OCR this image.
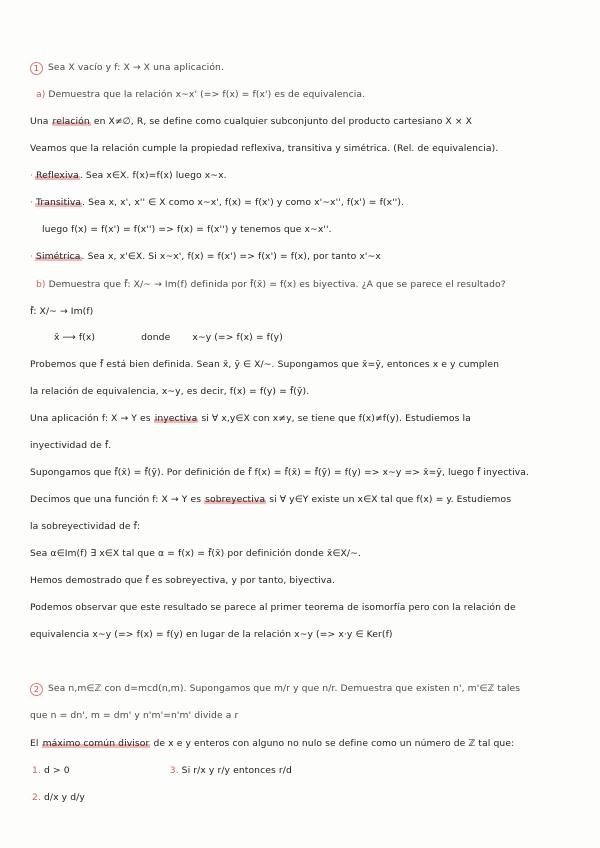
1 Sea X vacío y f: X → X una aplicación.
a) Demuestra que la relación x~x' (=> f(x) = f(x') es de equivalencia.
Una relación en X≠∅, R, se define como cualquier subconjunto del producto cartesiano X × X
Veamos que la relación cumple la propiedad reflexiva, transitiva y simétrica. (Rel. de equivalencia).
· Reflexiva. Sea x∈X. f(x)=f(x) luego x~x.
· Transitiva. Sea x, x', x'' ∈ X como x~x', f(x) = f(x') y como x'~x'', f(x') = f(x'').
luego f(x) = f(x') = f(x'') => f(x) = f(x'') y tenemos que x~x''.
· Simétrica. Sea x, x'∈X. Si x~x', f(x) = f(x') => f(x') = f(x), por tanto x'~x
b) Demuestra que f̄: X/~ → Im(f) definida por f̄(x̄) = f(x) es biyectiva. ¿A que se parece el resultado?
f̄: X/~ → Im(f)
x̄ ⟶ f(x)	donde x~y (=> f(x) = f(y)
Probemos que f̄ está bien definida. Sean x̄, ȳ ∈ X/~. Supongamos que x̄=ȳ, entonces x e y cumplen
la relación de equivalencia, x~y, es decir, f(x) = f(y) = f̄(ȳ).
Una aplicación f: X → Y es inyectiva si ∀ x,y∈X con x≠y, se tiene que f(x)≠f(y). Estudiemos la
inyectividad de f̄.
Supongamos que f̄(x̄) = f̄(ȳ). Por definición de f̄ f(x) = f̄(x̄) = f̄(ȳ) = f(y) => x~y => x̄=ȳ, luego f̄ inyectiva.
Decimos que una función f: X → Y es sobreyectiva si ∀ y∈Y existe un x∈X tal que f(x) = y. Estudiemos
la sobreyectividad de f̄:
Sea α∈Im(f) ∃ x∈X tal que α = f(x) = f̄(x̄) por definición donde x̄∈X/~.
Hemos demostrado que f̄ es sobreyectiva, y por tanto, biyectiva.
Podemos observar que este resultado se parece al primer teorema de isomorfía pero con la relación de
equivalencia x~y (=> f(x) = f(y) en lugar de la relación x~y (=> x·y ∈ Ker(f)
2 Sea n,m∈ℤ con d=mcd(n,m). Supongamos que m/r y que n/r. Demuestra que existen n', m'∈ℤ tales
que n = dn', m = dm' y n'm'=n'm' divide a r
El máximo común divisor de x e y enteros con alguno no nulo se define como un número de ℤ tal que:
1. d > 0	3. Si r/x y r/y entonces r/d
2. d/x y d/y
